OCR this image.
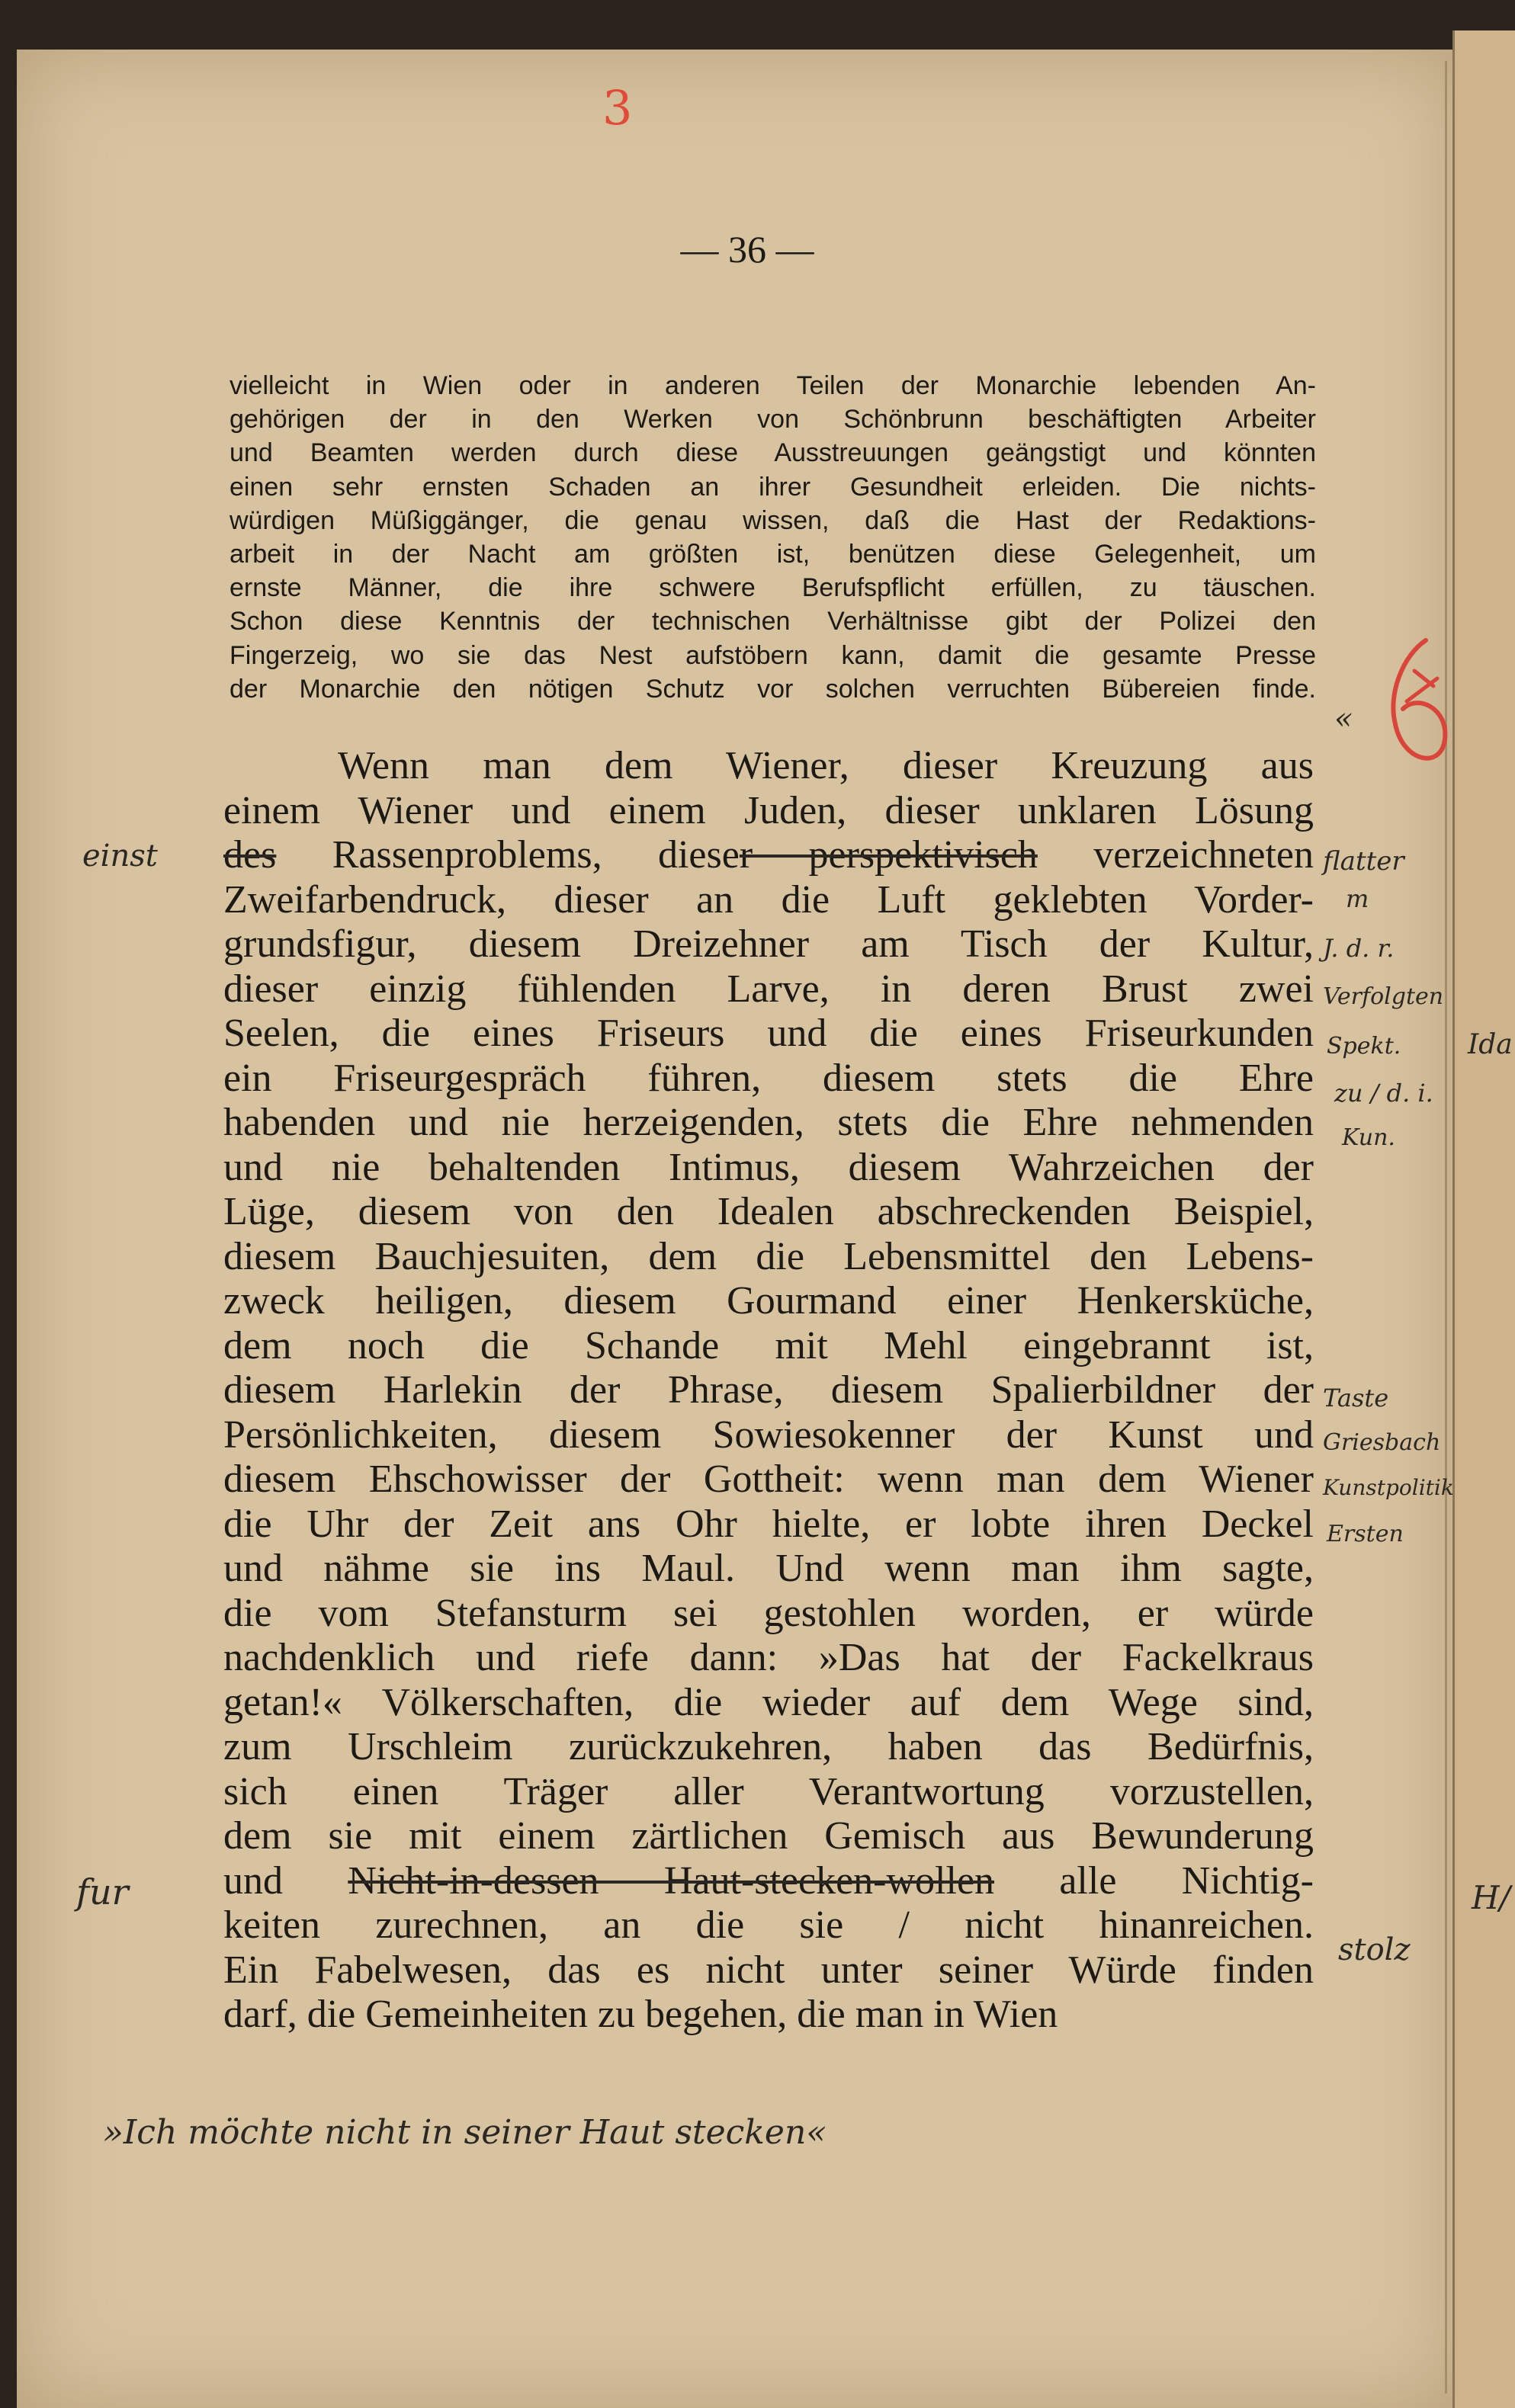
3
— 36 —
vielleicht in Wien oder in anderen Teilen der Monarchie lebenden An-
gehörigen der in den Werken von Schönbrunn beschäftigten Arbeiter
und Beamten werden durch diese Ausstreuungen geängstigt und könnten
einen sehr ernsten Schaden an ihrer Gesundheit erleiden. Die nichts-
würdigen Müßiggänger, die genau wissen, daß die Hast der Redaktions-
arbeit in der Nacht am größten ist, benützen diese Gelegenheit, um
ernste Männer, die ihre schwere Berufspflicht erfüllen, zu täuschen.
Schon diese Kenntnis der technischen Verhältnisse gibt der Polizei den
Fingerzeig, wo sie das Nest aufstöbern kann, damit die gesamte Presse
der Monarchie den nötigen Schutz vor solchen verruchten Bübereien finde.
Wenn man dem Wiener, dieser Kreuzung aus
einem Wiener und einem Juden, dieser unklaren Lösung
des Rassenproblems, dieser perspektivisch verzeichneten
Zweifarbendruck, dieser an die Luft geklebten Vorder-
grundsfigur, diesem Dreizehner am Tisch der Kultur,
dieser einzig fühlenden Larve, in deren Brust zwei
Seelen, die eines Friseurs und die eines Friseurkunden
ein Friseurgespräch führen, diesem stets die Ehre
habenden und nie herzeigenden, stets die Ehre nehmenden
und nie behaltenden Intimus, diesem Wahrzeichen der
Lüge, diesem von den Idealen abschreckenden Beispiel,
diesem Bauchjesuiten, dem die Lebensmittel den Lebens-
zweck heiligen, diesem Gourmand einer Henkersküche,
dem noch die Schande mit Mehl eingebrannt ist,
diesem Harlekin der Phrase, diesem Spalierbildner der
Persönlichkeiten, diesem Sowiesokenner der Kunst und
diesem Ehschowisser der Gottheit: wenn man dem Wiener
die Uhr der Zeit ans Ohr hielte, er lobte ihren Deckel
und nähme sie ins Maul. Und wenn man ihm sagte,
die vom Stefansturm sei gestohlen worden, er würde
nachdenklich und riefe dann: »Das hat der Fackelkraus
getan!« Völkerschaften, die wieder auf dem Wege sind,
zum Urschleim zurückzukehren, haben das Bedürfnis,
sich einen Träger aller Verantwortung vorzustellen,
dem sie mit einem zärtlichen Gemisch aus Bewunderung
und Nicht-in-dessen Haut-stecken-wollen alle Nichtig-
keiten zurechnen, an die sie / nicht hinanreichen.
Ein Fabelwesen, das es nicht unter seiner Würde finden
darf, die Gemeinheiten zu begehen, die man in Wien
einst
fur
flatter
m
J. d. r.
Verfolgten
Spekt. Ida
zu / d. i.
Kun.
Taste
Griesbach
Kunstpolitik
Ersten
stolz
H/
«
»Ich möchte nicht in seiner Haut stecken«
